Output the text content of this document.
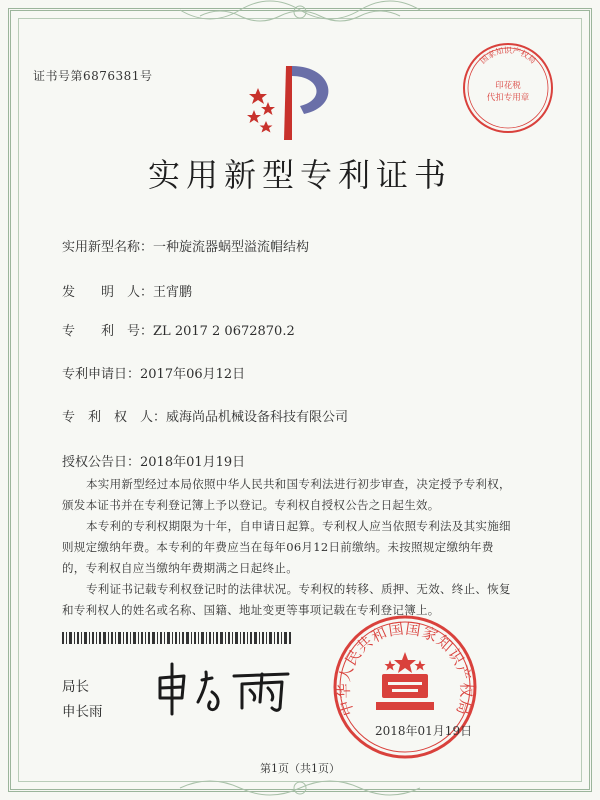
证书号第6876381号
国家知识产权局
印花税
代扣专用章
实用新型专利证书
实用新型名称：一种旋流器蜗型溢流帽结构
发　　明　人：王宵鹏
专　　利　号：ZL 2017 2 0672870.2
专利申请日：2017年06月12日
专　利　权　人：威海尚品机械设备科技有限公司
授权公告日：2018年01月19日
本实用新型经过本局依照中华人民共和国专利法进行初步审查，决定授予专利权，颁发本证书并在专利登记簿上予以登记。专利权自授权公告之日起生效。
本专利的专利权期限为十年，自申请日起算。专利权人应当依照专利法及其实施细则规定缴纳年费。本专利的年费应当在每年06月12日前缴纳。未按照规定缴纳年费的，专利权自应当缴纳年费期满之日起终止。
专利证书记载专利权登记时的法律状况。专利权的转移、质押、无效、终止、恢复和专利权人的姓名或名称、国籍、地址变更等事项记载在专利登记簿上。
局长
申长雨	中华人民共和国国家知识产权局
2018年01月19日
第1页（共1页）
